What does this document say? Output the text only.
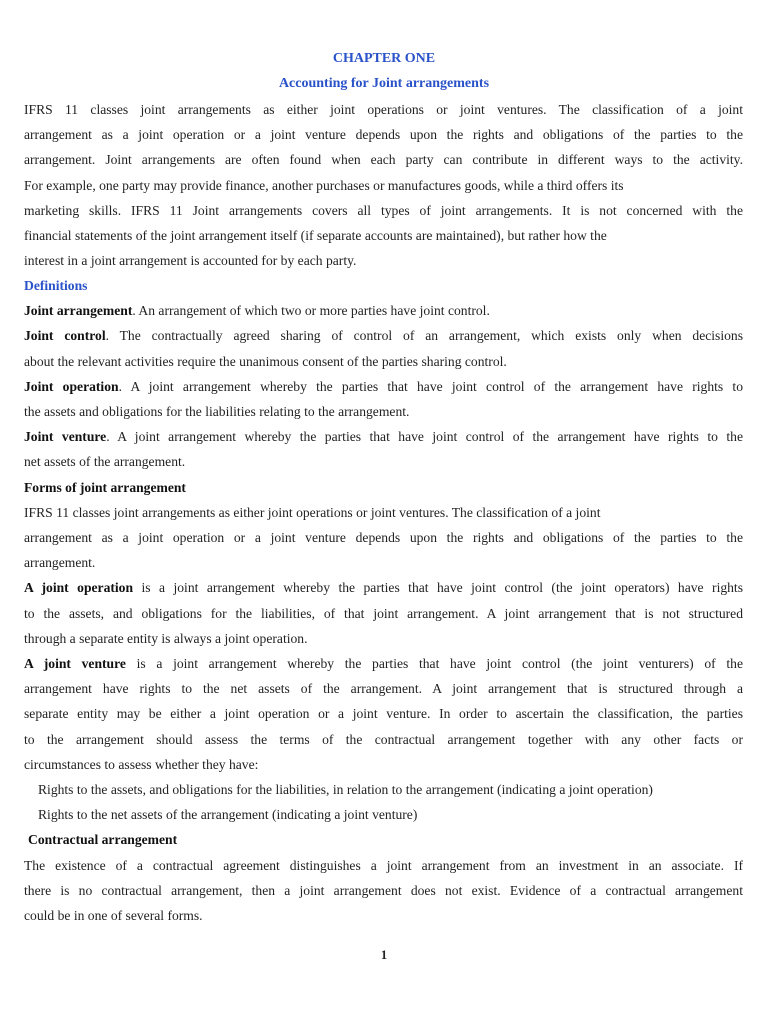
CHAPTER ONE
Accounting for Joint arrangements
IFRS 11 classes joint arrangements as either joint operations or joint ventures. The classification of a joint
arrangement as a joint operation or a joint venture depends upon the rights and obligations of the parties to the
arrangement. Joint arrangements are often found when each party can contribute in different ways to the activity.
For example, one party may provide finance, another purchases or manufactures goods, while a third offers its
marketing skills. IFRS 11 Joint arrangements covers all types of joint arrangements. It is not concerned with the
financial statements of the joint arrangement itself (if separate accounts are maintained), but rather how the
interest in a joint arrangement is accounted for by each party.
Definitions
Joint arrangement. An arrangement of which two or more parties have joint control.
Joint control. The contractually agreed sharing of control of an arrangement, which exists only when decisions
about the relevant activities require the unanimous consent of the parties sharing control.
Joint operation. A joint arrangement whereby the parties that have joint control of the arrangement have rights to
the assets and obligations for the liabilities relating to the arrangement.
Joint venture. A joint arrangement whereby the parties that have joint control of the arrangement have rights to the
net assets of the arrangement.
Forms of joint arrangement
IFRS 11 classes joint arrangements as either joint operations or joint ventures. The classification of a joint
arrangement as a joint operation or a joint venture depends upon the rights and obligations of the parties to the
arrangement.
A joint operation is a joint arrangement whereby the parties that have joint control (the joint operators) have rights
to the assets, and obligations for the liabilities, of that joint arrangement. A joint arrangement that is not structured
through a separate entity is always a joint operation.
A joint venture is a joint arrangement whereby the parties that have joint control (the joint venturers) of the
arrangement have rights to the net assets of the arrangement. A joint arrangement that is structured through a
separate entity may be either a joint operation or a joint venture. In order to ascertain the classification, the parties
to the arrangement should assess the terms of the contractual arrangement together with any other facts or
circumstances to assess whether they have:
Rights to the assets, and obligations for the liabilities, in relation to the arrangement (indicating a joint operation)
Rights to the net assets of the arrangement (indicating a joint venture)
Contractual arrangement
The existence of a contractual agreement distinguishes a joint arrangement from an investment in an associate. If
there is no contractual arrangement, then a joint arrangement does not exist. Evidence of a contractual arrangement
could be in one of several forms.
1
